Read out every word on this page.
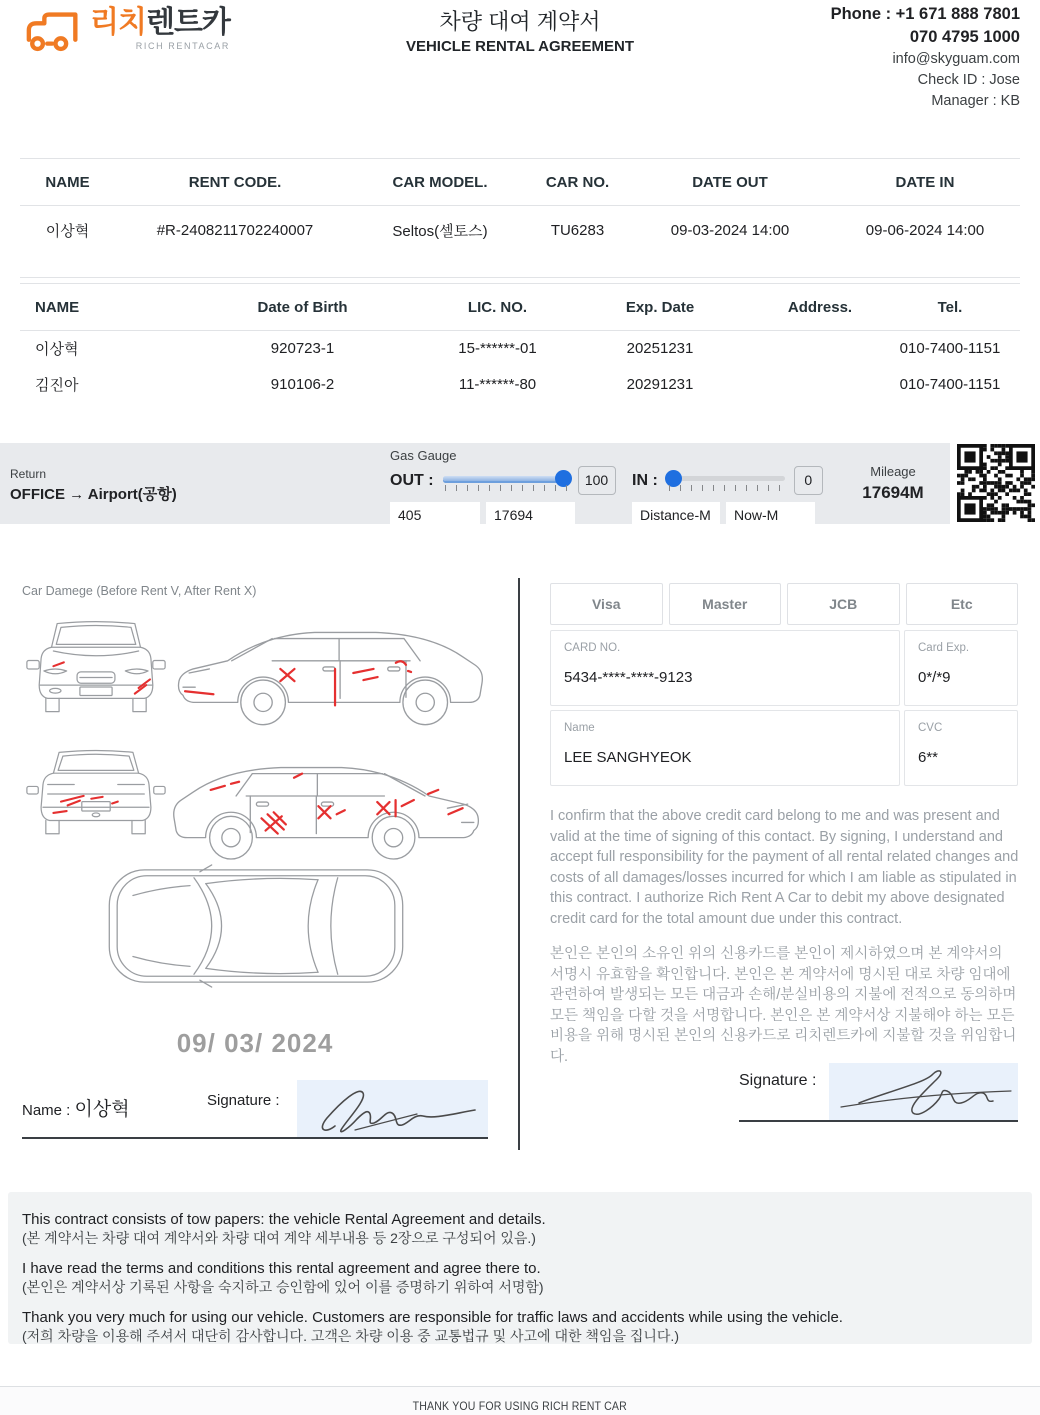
리치 렌트카
RICH RENTACAR
차량 대여 계약서
VEHICLE RENTAL AGREEMENT
Phone : +1 671 888 7801
070 4795 1000
info@skyguam.com
Check ID : Jose
Manager : KB
NAME	RENT CODE.	CAR MODEL.	CAR NO.	DATE OUT	DATE IN
이상혁	#R-2408211702240007	Seltos(셀토스)	TU6283	09-03-2024 14:00	09-06-2024 14:00
NAME	Date of Birth	LIC. NO.	Exp. Date	Address.	Tel.
이상혁	920723-1	15-******-01	20251231		010-7400-1151
김진아	910106-2	11-******-80	20291231		010-7400-1151
Return
OFFICE → Airport(공항)
Gas Gauge
OUT :	100
405
17694	IN :	0
Distance-M
Now-M
Mileage
17694M
Car Damege (Before Rent V, After Rent X)
09/ 03/ 2024
Name : 이상혁	Signature :
Visa	Master	JCB	Etc
CARD NO.
5434-****-****-9123
Card Exp.
0*/*9
Name
LEE SANGHYEOK
CVC
6**
I confirm that the above credit card belong to me and was present and valid at the time of signing of this contact. By signing, I understand and accept full responsibility for the payment of all rental related changes and costs of all damages/losses incurred for which I am liable as stipulated in this contract. I authorize Rich Rent A Car to debit my above designated credit card for the total amount due under this contract.
본인은 본인의 소유인 위의 신용카드를 본인이 제시하였으며 본 계약서의 서명시 유효함을 확인합니다. 본인은 본 계약서에 명시된 대로 차량 임대에 관련하여 발생되는 모든 대금과 손해/분실비용의 지불에 전적으로 동의하며 모든 책임을 다할 것을 서명합니다. 본인은 본 계약서상 지불해야 하는 모든 비용을 위해 명시된 본인의 신용카드로 리치렌트카에 지불할 것을 위임합니다.
Signature :
This contract consists of tow papers: the vehicle Rental Agreement and details.
(본 계약서는 차량 대여 계약서와 차량 대여 계약 세부내용 등 2장으로 구성되어 있음.)
I have read the terms and conditions this rental agreement and agree there to.
(본인은 계약서상 기록된 사항을 숙지하고 승인함에 있어 이를 증명하기 위하여 서명함)
Thank you very much for using our vehicle. Customers are responsible for traffic laws and accidents while using the vehicle.
(저희 차량을 이용해 주셔서 대단히 감사합니다. 고객은 차량 이용 중 교통법규 및 사고에 대한 책임을 집니다.)
THANK YOU FOR USING RICH RENT CAR
